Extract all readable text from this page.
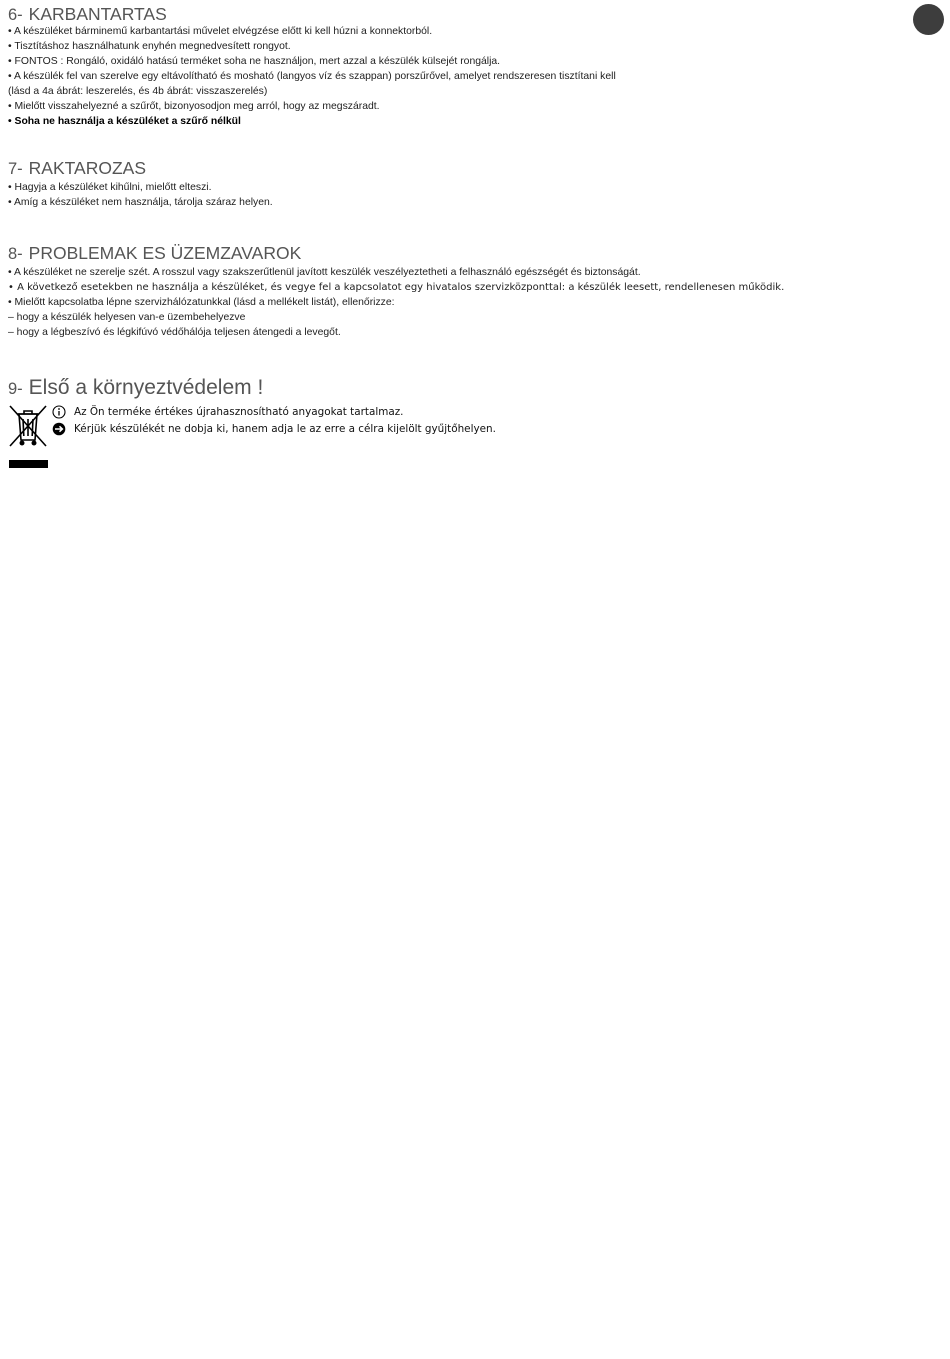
6- KARBANTARTAS
• A készüléket bárminemű karbantartási művelet elvégzése előtt ki kell húzni a konnektorból.
• Tisztításhoz használhatunk enyhén megnedvesített rongyot.
• FONTOS : Rongáló, oxidáló hatású terméket soha ne használjon, mert azzal a készülék külsejét rongálja.
• A készülék fel van szerelve egy eltávolítható és mosható (langyos víz és szappan) porszűrővel, amelyet rendszeresen tisztítani kell
(lásd a 4a ábrát: leszerelés, és 4b ábrát: visszaszerelés)
• Mielőtt visszahelyezné a szűrőt, bizonyosodjon meg arról, hogy az megszáradt.
• Soha ne használja a készüléket a szűrő nélkül
7- RAKTAROZAS
• Hagyja a készüléket kihűlni, mielőtt elteszi.
• Amíg a készüléket nem használja, tárolja száraz helyen.
8- PROBLEMAK ES ÜZEMZAVAROK
• A készüléket ne szerelje szét. A rosszul vagy szakszerűtlenül javított keszülék veszélyeztetheti a felhasználó egészségét és biztonságát.
• A következő esetekben ne használja a készüléket, és vegye fel a kapcsolatot egy hivatalos szervizközponttal: a készülék leesett, rendellenesen működik.
• Mielőtt kapcsolatba lépne szervizhálózatunkkal (lásd a mellékelt listát), ellenőrizze:
– hogy a készülék helyesen van-e üzembehelyezve
– hogy a légbeszívó és légkifúvó védőhálója teljesen átengedi a levegőt.
9- Első a környeztvédelem !
Az Ön terméke értékes újrahasznosítható anyagokat tartalmaz.
Kérjük készülékét ne dobja ki, hanem adja le az erre a célra kijelölt gyűjtőhelyen.
